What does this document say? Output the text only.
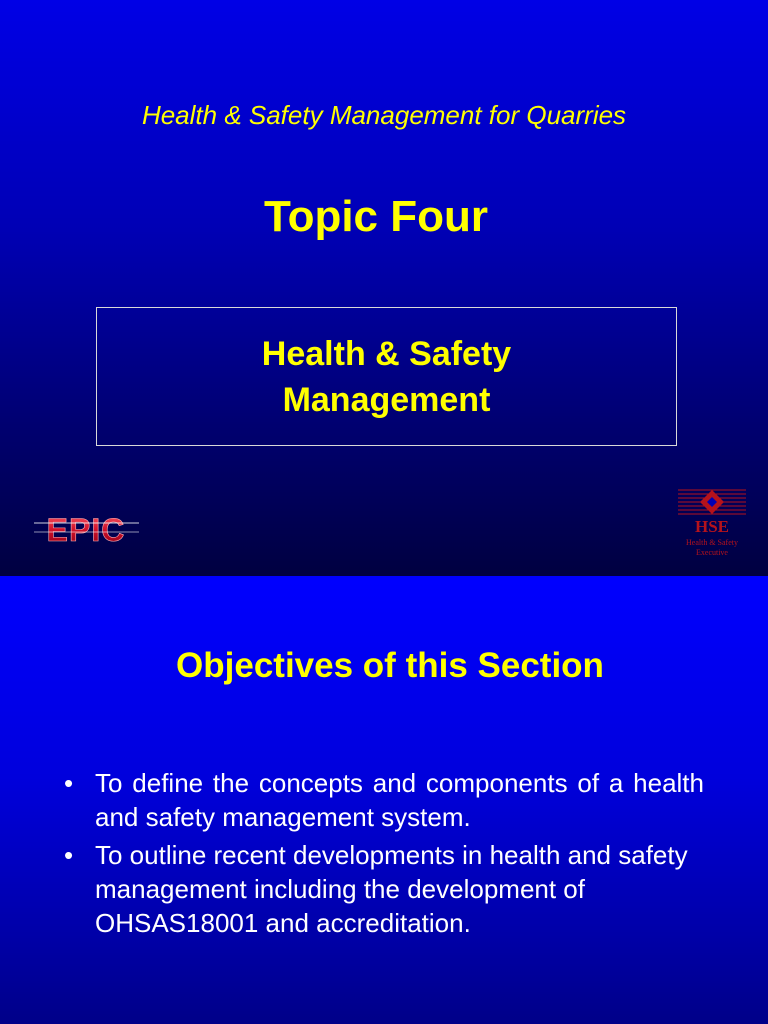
Health & Safety Management for Quarries
Topic Four
Health & Safety
Management
EPIC	HSE
Health & Safety
Executive
Objectives of this Section
• To define the concepts and components of a health and safety management system.
• To outline recent developments in health and safety management including the development of OHSAS18001 and accreditation.
